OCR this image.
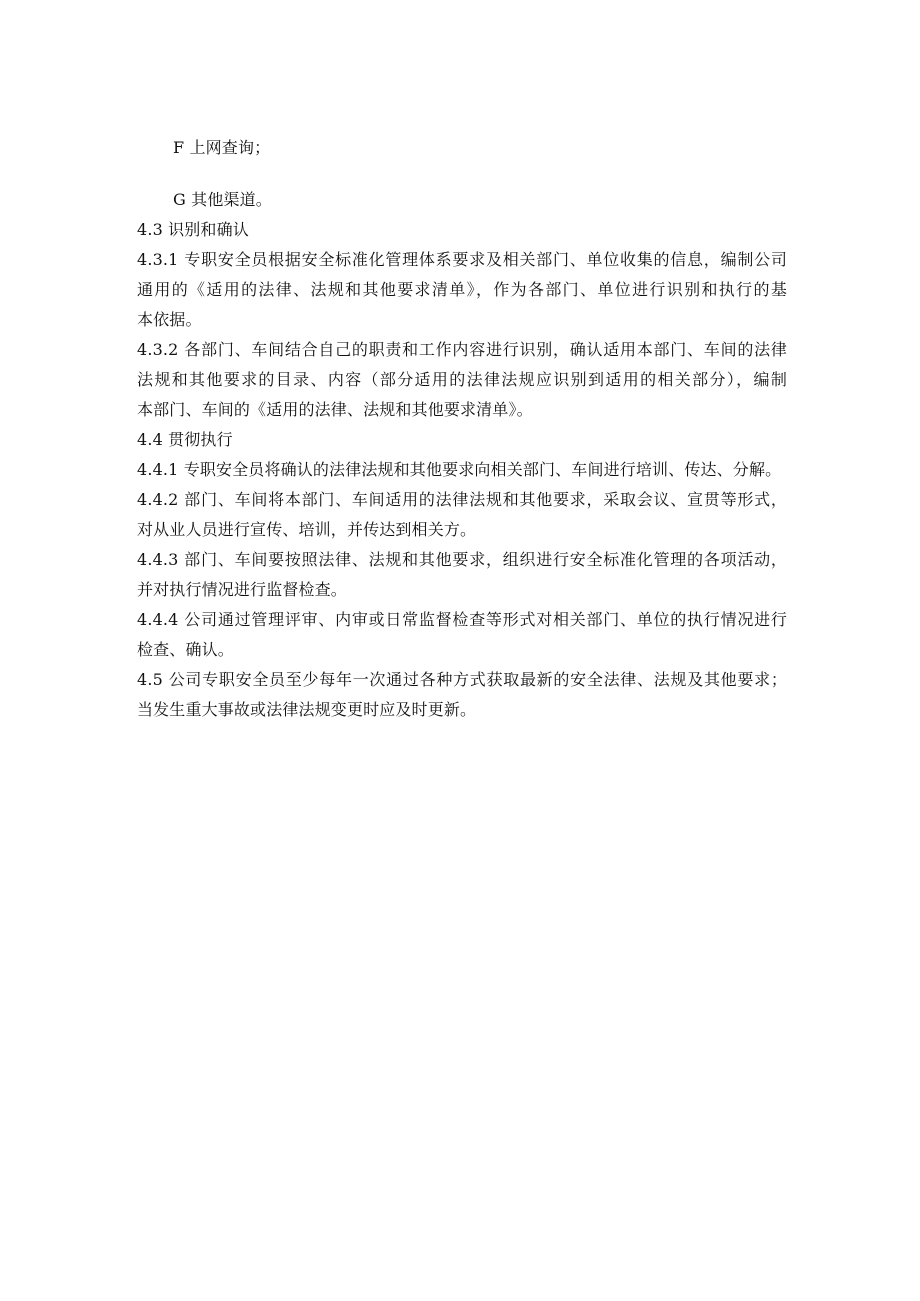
F 上网查询；
G 其他渠道。
4.3 识别和确认
4.3.1 专职安全员根据安全标准化管理体系要求及相关部门、单位收集的信息，编制公司
通用的《适用的法律、法规和其他要求清单》，作为各部门、单位进行识别和执行的基
本依据。
4.3.2 各部门、车间结合自己的职责和工作内容进行识别，确认适用本部门、车间的法律
法规和其他要求的目录、内容（部分适用的法律法规应识别到适用的相关部分），编制
本部门、车间的《适用的法律、法规和其他要求清单》。
4.4 贯彻执行
4.4.1 专职安全员将确认的法律法规和其他要求向相关部门、车间进行培训、传达、分解。
4.4.2 部门、车间将本部门、车间适用的法律法规和其他要求，采取会议、宣贯等形式，
对从业人员进行宣传、培训，并传达到相关方。
4.4.3 部门、车间要按照法律、法规和其他要求，组织进行安全标准化管理的各项活动，
并对执行情况进行监督检查。
4.4.4 公司通过管理评审、内审或日常监督检查等形式对相关部门、单位的执行情况进行
检查、确认。
4.5 公司专职安全员至少每年一次通过各种方式获取最新的安全法律、法规及其他要求；
当发生重大事故或法律法规变更时应及时更新。
